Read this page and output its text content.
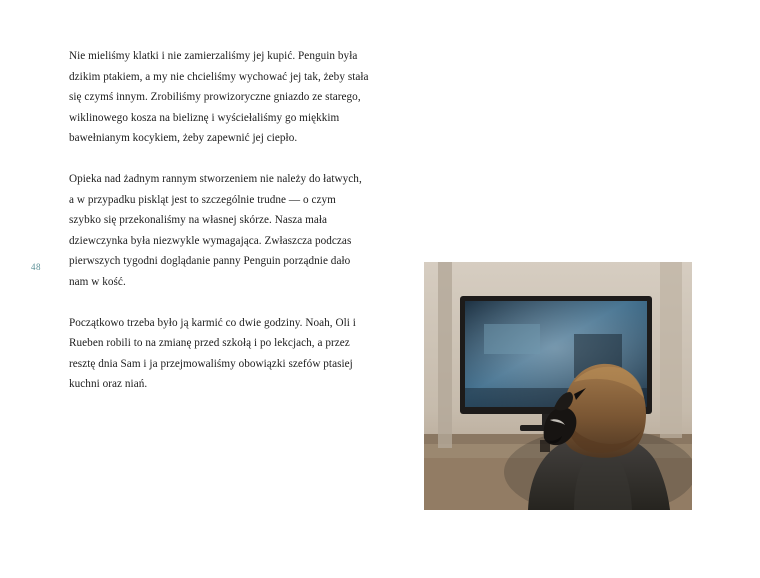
48

Nie mieliśmy klatki i nie zamierzaliśmy jej kupić. Penguin była dzikim ptakiem, a my nie chcieliśmy wychować jej tak, żeby stała się czymś innym. Zrobiliśmy prowizoryczne gniazdo ze starego, wiklinowego kosza na bieliznę i wyściełaliśmy go miękkim bawełnianym kocykiem, żeby zapewnić jej ciepło.

Opieka nad żadnym rannym stworzeniem nie należy do łatwych, a w przypadku piskląt jest to szczególnie trudne — o czym szybko się przekonaliśmy na własnej skórze. Nasza mała dziewczynka była niezwykle wymagająca. Zwłaszcza podczas pierwszych tygodni doglądanie panny Penguin porządnie dało nam w kość.

Początkowo trzeba było ją karmić co dwie godziny. Noah, Oli i Rueben robili to na zmianę przed szkołą i po lekcjach, a przez resztę dnia Sam i ja przejmowaliśmy obowiązki szefów ptasiej kuchni oraz niań.
